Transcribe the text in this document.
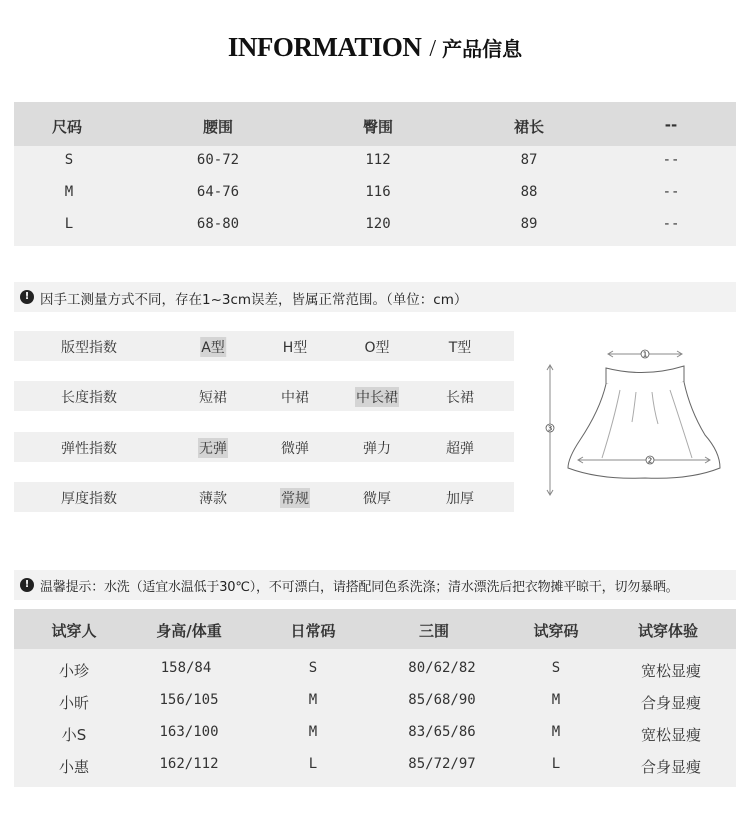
INFORMATION / 产品信息
尺码	腰围	臀围	裙长	--
S	60-72	112	87	--
M	64-76	116	88	--
L	68-80	120	89	--
! 因手工测量方式不同，存在1~3cm误差，皆属正常范围。（单位：cm）
版型指数	A型	H型	O型	T型
长度指数	短裙	中裙	中长裙	长裙
弹性指数	无弹	微弹	弹力	超弹
厚度指数	薄款	常规	微厚	加厚
1
2
3
! 温馨提示：水洗（适宜水温低于30℃），不可漂白，请搭配同色系洗涤；清水漂洗后把衣物摊平晾干，切勿暴晒。
试穿人	身高/体重	日常码	三围	试穿码	试穿体验
小珍	158/84	S	80/62/82	S	宽松显瘦
小昕	156/105	M	85/68/90	M	合身显瘦
小S	163/100	M	83/65/86	M	宽松显瘦
小惠	162/112	L	85/72/97	L	合身显瘦
